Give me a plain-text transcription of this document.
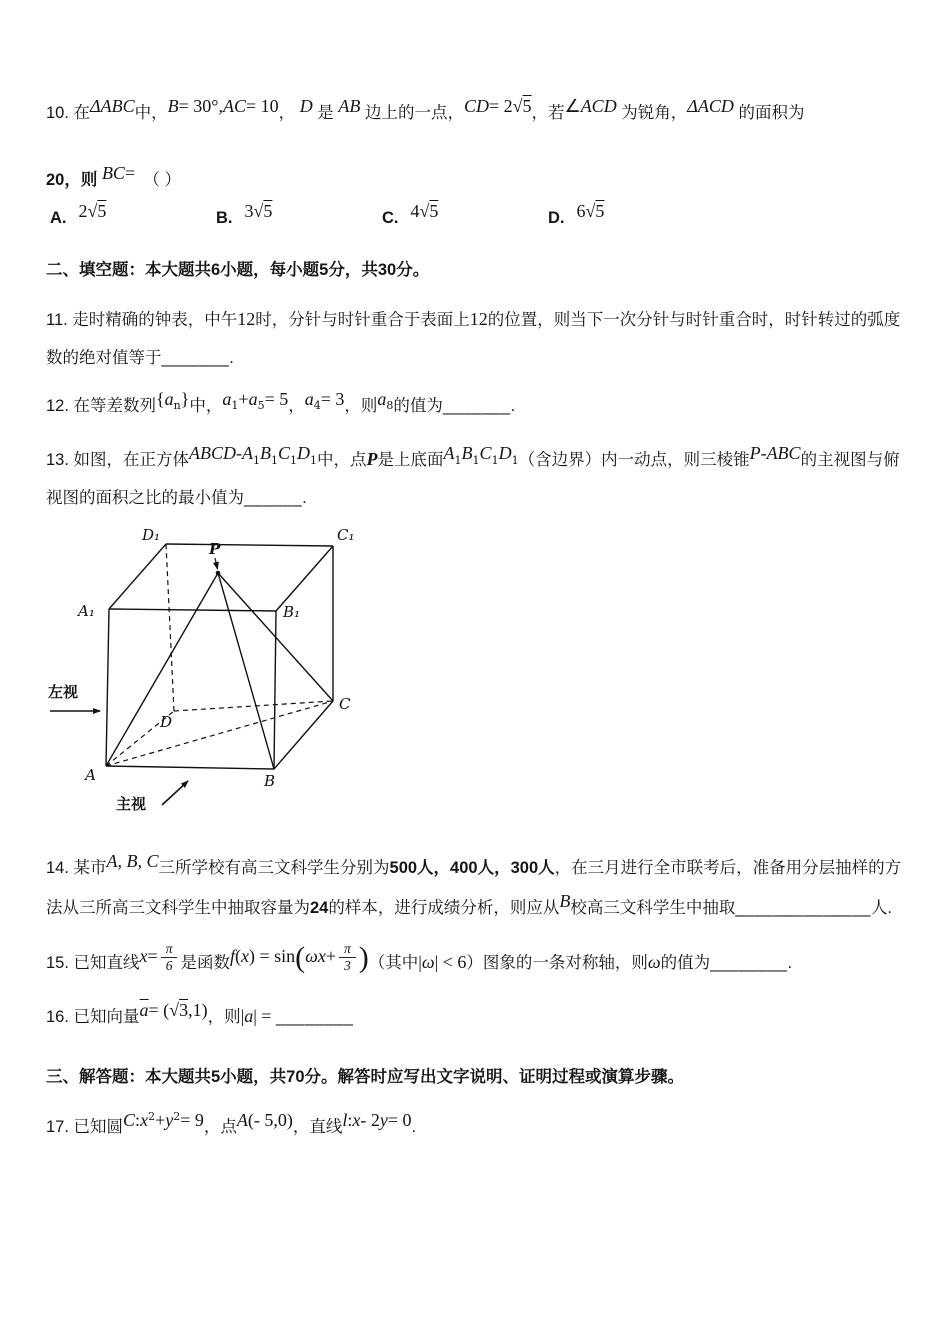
10. 在ΔABC中，B= 30°,AC= 10， D 是 AB 边上的一点，CD= 2√5，若∠ACD 为锐角，ΔACD 的面积为

20，则 BC=　（ ）

A. 2√5	B. 3√5	C. 4√5	D. 6√5

二、填空题：本大题共6小题，每小题5分，共30分。

11. 走时精确的钟表，中午12时，分针与时针重合于表面上12的位置，则当下一次分针与时针重合时，时针转过的弧度数的绝对值等于_______.

12. 在等差数列$\{a_n\}$中，$a_1+a_5= 5$，$a_4= 3$，则$a_8$的值为_______.

13. 如图，在正方体ABCD-$A_1B_1C_1D_1$中，点P是上底面$A_1B_1C_1D_1$（含边界）内一动点，则三棱锥P-ABC的主视图与俯视图的面积之比的最小值为______.

A	B
C
D
A₁	B₁
C₁
D₁
P
左视
主视

14. 某市A, B, C三所学校有高三文科学生分别为500人，400人，300人，在三月进行全市联考后，准备用分层抽样的方法从三所高三文科学生中抽取容量为24的样本，进行成绩分析，则应从B校高三文科学生中抽取______________人.

15. 已知直线$x= \frac{\pi}{6}$ 是函数$f(x) = \sin(\omega x+ \frac{\pi}{3}$ )（其中|ω| < 6）图象的一条对称轴，则ω的值为________.

16. 已知向量$\overline{a}= (√3,1)$，则|a| = ________

三、解答题：本大题共5小题，共70分。解答时应写出文字说明、证明过程或演算步骤。

17. 已知圆$C:x^2+y^2= 9$，点A(- 5,0)，直线l:x- 2y= 0.
